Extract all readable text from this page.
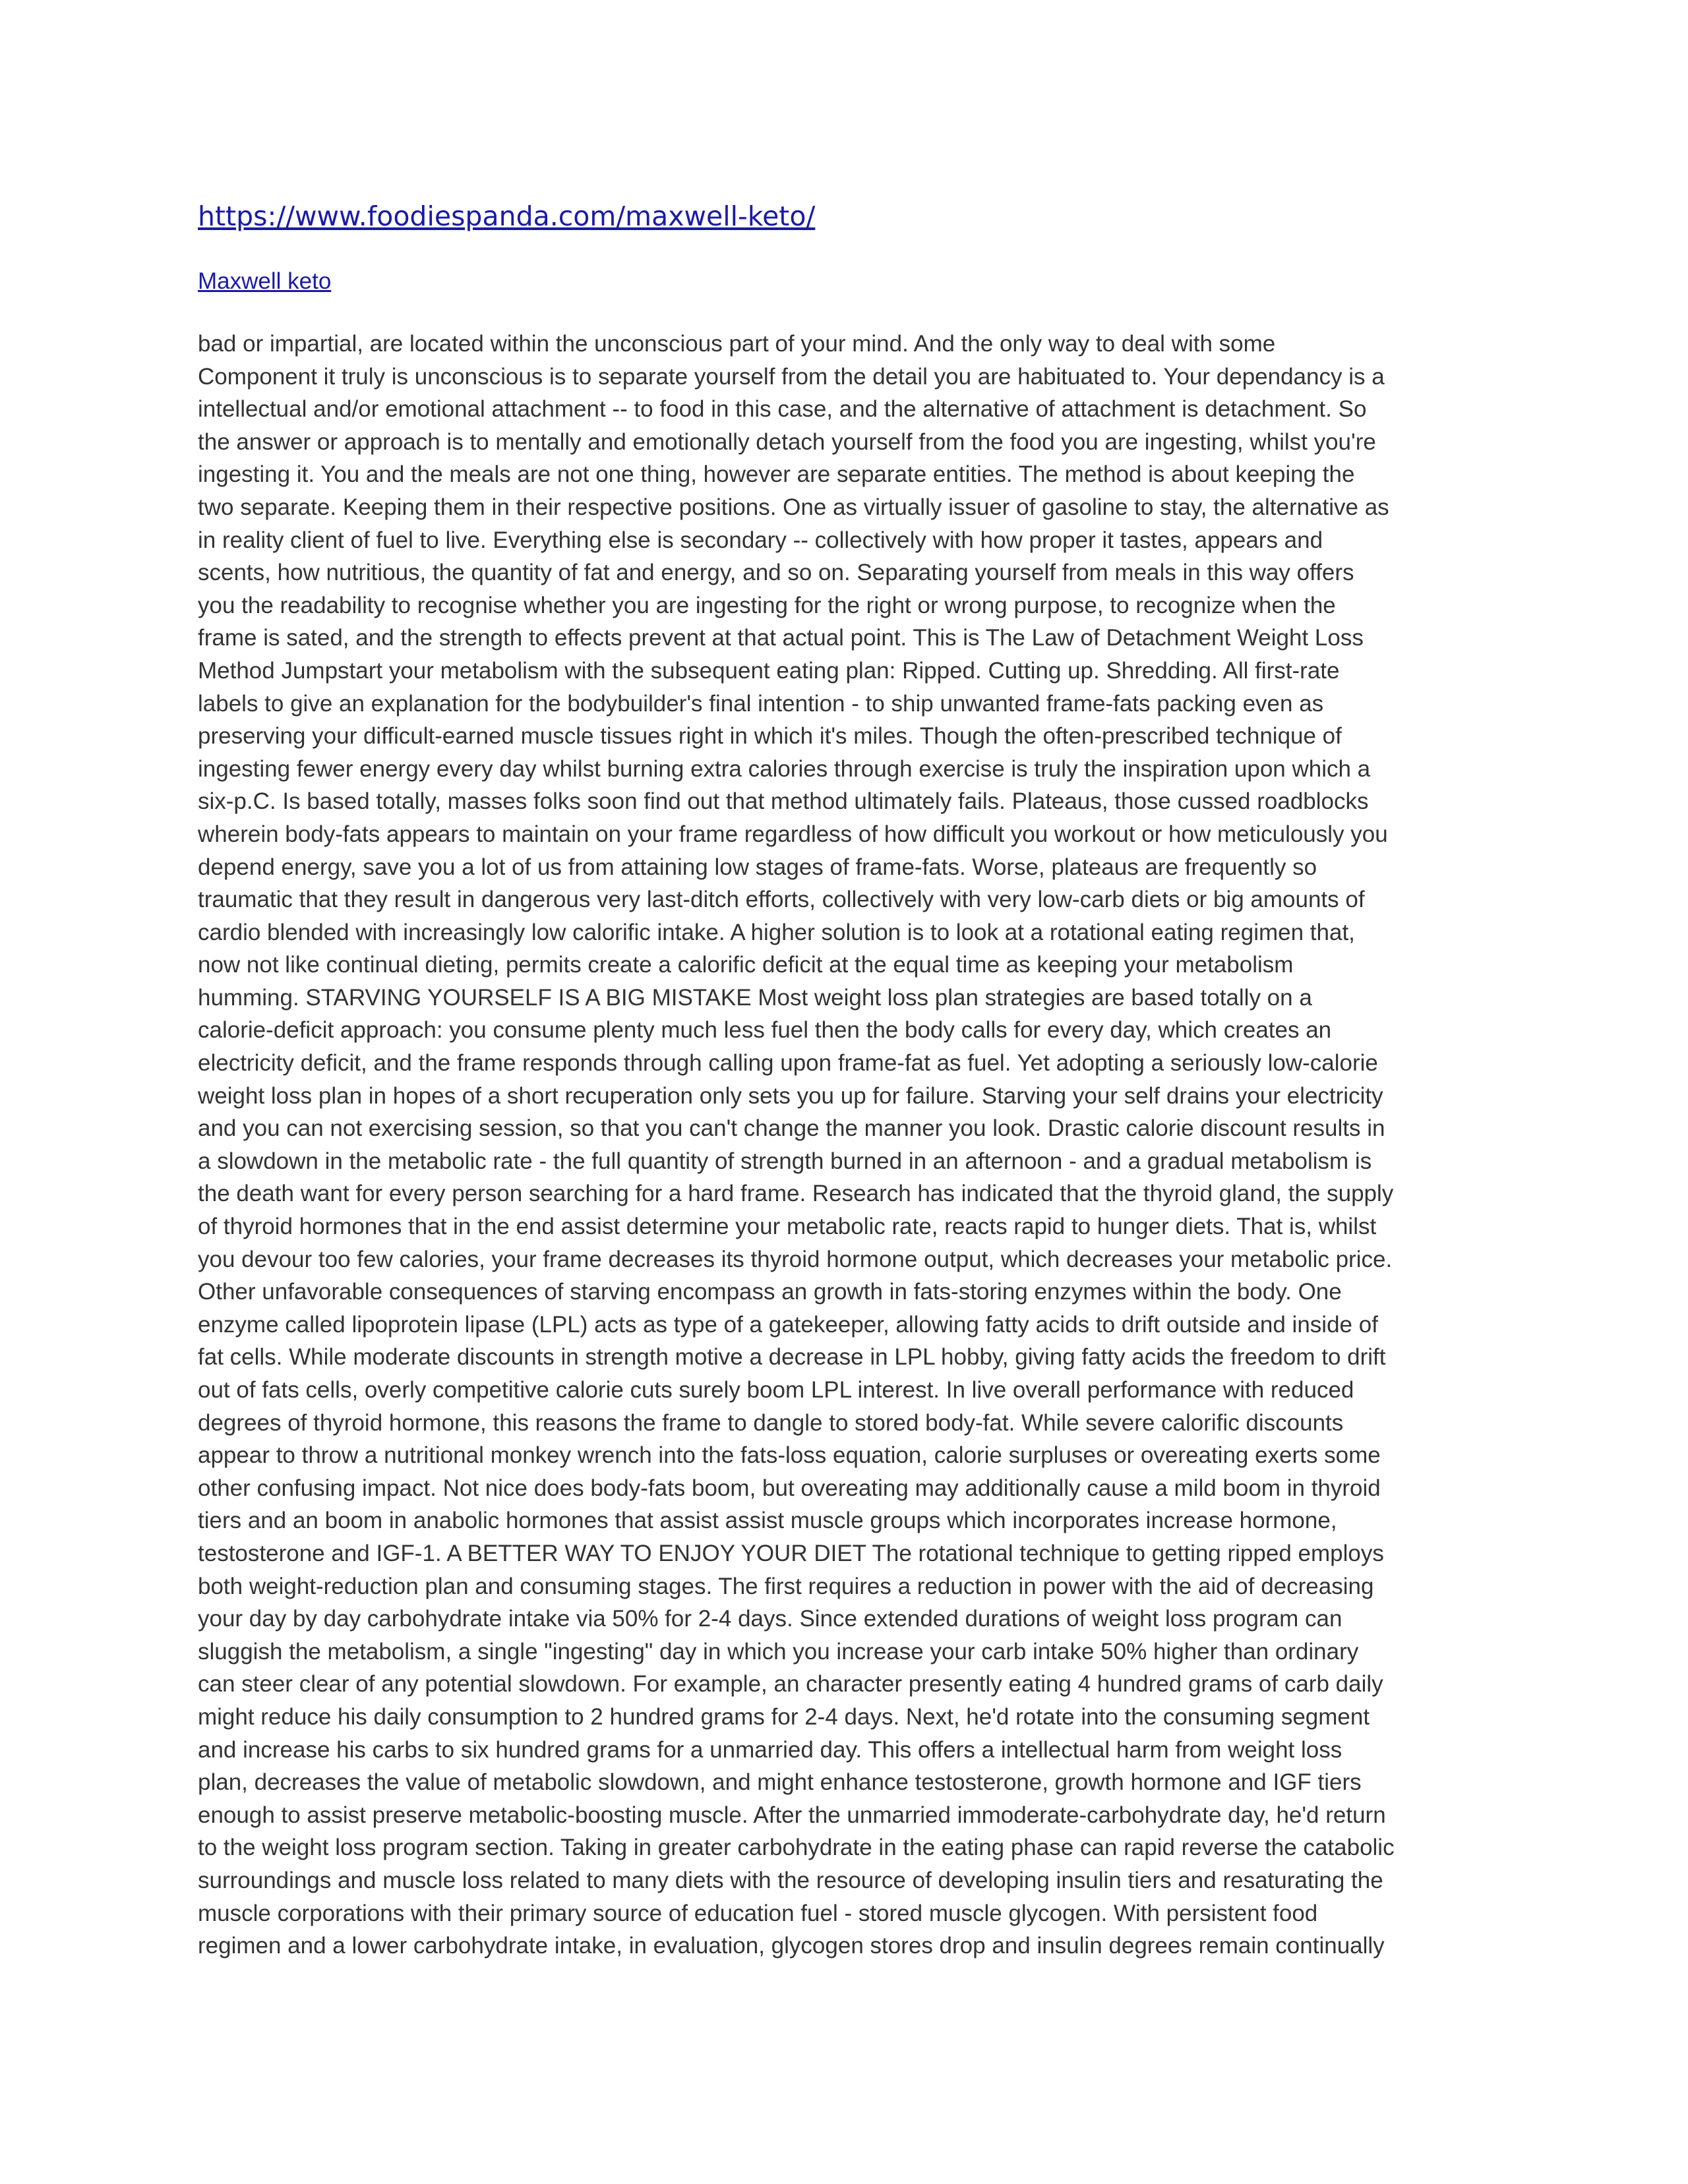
https://www.foodiespanda.com/maxwell-keto/
Maxwell keto
bad or impartial, are located within the unconscious part of your mind. And the only way to deal with some
Component it truly is unconscious is to separate yourself from the detail you are habituated to. Your dependancy is a
intellectual and/or emotional attachment -- to food in this case, and the alternative of attachment is detachment. So
the answer or approach is to mentally and emotionally detach yourself from the food you are ingesting, whilst you're
ingesting it. You and the meals are not one thing, however are separate entities. The method is about keeping the
two separate. Keeping them in their respective positions. One as virtually issuer of gasoline to stay, the alternative as
in reality client of fuel to live. Everything else is secondary -- collectively with how proper it tastes, appears and
scents, how nutritious, the quantity of fat and energy, and so on. Separating yourself from meals in this way offers
you the readability to recognise whether you are ingesting for the right or wrong purpose, to recognize when the
frame is sated, and the strength to effects prevent at that actual point. This is The Law of Detachment Weight Loss
Method Jumpstart your metabolism with the subsequent eating plan: Ripped. Cutting up. Shredding. All first-rate
labels to give an explanation for the bodybuilder's final intention - to ship unwanted frame-fats packing even as
preserving your difficult-earned muscle tissues right in which it's miles. Though the often-prescribed technique of
ingesting fewer energy every day whilst burning extra calories through exercise is truly the inspiration upon which a
six-p.C. Is based totally, masses folks soon find out that method ultimately fails. Plateaus, those cussed roadblocks
wherein body-fats appears to maintain on your frame regardless of how difficult you workout or how meticulously you
depend energy, save you a lot of us from attaining low stages of frame-fats. Worse, plateaus are frequently so
traumatic that they result in dangerous very last-ditch efforts, collectively with very low-carb diets or big amounts of
cardio blended with increasingly low calorific intake. A higher solution is to look at a rotational eating regimen that,
now not like continual dieting, permits create a calorific deficit at the equal time as keeping your metabolism
humming. STARVING YOURSELF IS A BIG MISTAKE Most weight loss plan strategies are based totally on a
calorie-deficit approach: you consume plenty much less fuel then the body calls for every day, which creates an
electricity deficit, and the frame responds through calling upon frame-fat as fuel. Yet adopting a seriously low-calorie
weight loss plan in hopes of a short recuperation only sets you up for failure. Starving your self drains your electricity
and you can not exercising session, so that you can't change the manner you look. Drastic calorie discount results in
a slowdown in the metabolic rate - the full quantity of strength burned in an afternoon - and a gradual metabolism is
the death want for every person searching for a hard frame. Research has indicated that the thyroid gland, the supply
of thyroid hormones that in the end assist determine your metabolic rate, reacts rapid to hunger diets. That is, whilst
you devour too few calories, your frame decreases its thyroid hormone output, which decreases your metabolic price.
Other unfavorable consequences of starving encompass an growth in fats-storing enzymes within the body. One
enzyme called lipoprotein lipase (LPL) acts as type of a gatekeeper, allowing fatty acids to drift outside and inside of
fat cells. While moderate discounts in strength motive a decrease in LPL hobby, giving fatty acids the freedom to drift
out of fats cells, overly competitive calorie cuts surely boom LPL interest. In live overall performance with reduced
degrees of thyroid hormone, this reasons the frame to dangle to stored body-fat. While severe calorific discounts
appear to throw a nutritional monkey wrench into the fats-loss equation, calorie surpluses or overeating exerts some
other confusing impact. Not nice does body-fats boom, but overeating may additionally cause a mild boom in thyroid
tiers and an boom in anabolic hormones that assist assist muscle groups which incorporates increase hormone,
testosterone and IGF-1. A BETTER WAY TO ENJOY YOUR DIET The rotational technique to getting ripped employs
both weight-reduction plan and consuming stages. The first requires a reduction in power with the aid of decreasing
your day by day carbohydrate intake via 50% for 2-4 days. Since extended durations of weight loss program can
sluggish the metabolism, a single "ingesting" day in which you increase your carb intake 50% higher than ordinary
can steer clear of any potential slowdown. For example, an character presently eating 4 hundred grams of carb daily
might reduce his daily consumption to 2 hundred grams for 2-4 days. Next, he'd rotate into the consuming segment
and increase his carbs to six hundred grams for a unmarried day. This offers a intellectual harm from weight loss
plan, decreases the value of metabolic slowdown, and might enhance testosterone, growth hormone and IGF tiers
enough to assist preserve metabolic-boosting muscle. After the unmarried immoderate-carbohydrate day, he'd return
to the weight loss program section. Taking in greater carbohydrate in the eating phase can rapid reverse the catabolic
surroundings and muscle loss related to many diets with the resource of developing insulin tiers and resaturating the
muscle corporations with their primary source of education fuel - stored muscle glycogen. With persistent food
regimen and a lower carbohydrate intake, in evaluation, glycogen stores drop and insulin degrees remain continually
